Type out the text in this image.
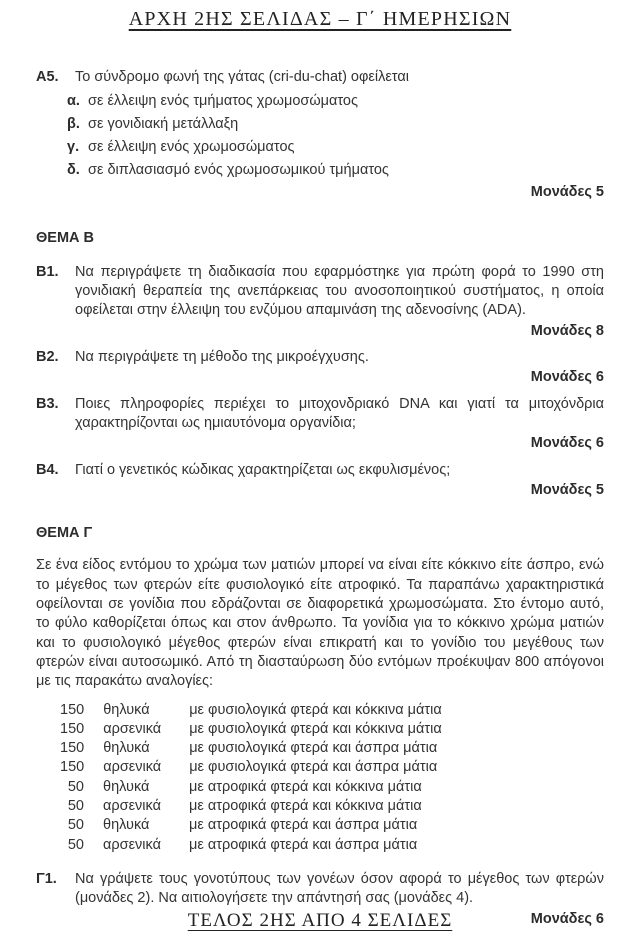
ΑΡΧΗ 2ΗΣ ΣΕΛΙΔΑΣ – Γ΄ ΗΜΕΡΗΣΙΩΝ
Α5.	Το σύνδρομο φωνή της γάτας (cri-du-chat) οφείλεται
α. σε έλλειψη ενός τμήματος χρωμοσώματος
β. σε γονιδιακή μετάλλαξη
γ. σε έλλειψη ενός χρωμοσώματος
δ. σε διπλασιασμό ενός χρωμοσωμικού τμήματος
Μονάδες 5
ΘΕΜΑ Β
Β1.	Να περιγράψετε τη διαδικασία που εφαρμόστηκε για πρώτη φορά το 1990 στη γονιδιακή θεραπεία της ανεπάρκειας του ανοσοποιητικού συστήματος, η οποία οφείλεται στην έλλειψη του ενζύμου απαμινάση της αδενοσίνης (ADA).
Μονάδες 8
Β2.	Να περιγράψετε τη μέθοδο της μικροέγχυσης.
Μονάδες 6
Β3.	Ποιες πληροφορίες περιέχει το μιτοχονδριακό DNA και γιατί τα μιτοχόνδρια χαρακτηρίζονται ως ημιαυτόνομα οργανίδια;
Μονάδες 6
Β4.	Γιατί ο γενετικός κώδικας χαρακτηρίζεται ως εκφυλισμένος;
Μονάδες 5
ΘΕΜΑ Γ

Σε ένα είδος εντόμου το χρώμα των ματιών μπορεί να είναι είτε κόκκινο είτε άσπρο, ενώ το μέγεθος των φτερών είτε φυσιολογικό είτε ατροφικό. Τα παραπάνω χαρακτηριστικά οφείλονται σε γονίδια που εδράζονται σε διαφορετικά χρωμοσώματα. Στο έντομο αυτό, το φύλο καθορίζεται όπως και στον άνθρωπο. Τα γονίδια για το κόκκινο χρώμα ματιών και το φυσιολογικό μέγεθος φτερών είναι επικρατή και το γονίδιο του μεγέθους των φτερών είναι αυτοσωμικό. Από τη διασταύρωση δύο εντόμων προέκυψαν 800 απόγονοι με τις παρακάτω αναλογίες:

150 θηλυκά	με φυσιολογικά φτερά και κόκκινα μάτια
150 αρσενικά	με φυσιολογικά φτερά και κόκκινα μάτια
150 θηλυκά	με φυσιολογικά φτερά και άσπρα μάτια
150 αρσενικά	με φυσιολογικά φτερά και άσπρα μάτια
50 θηλυκά	με ατροφικά φτερά και κόκκινα μάτια
50 αρσενικά	με ατροφικά φτερά και κόκκινα μάτια
50 θηλυκά	με ατροφικά φτερά και άσπρα μάτια
50 αρσενικά	με ατροφικά φτερά και άσπρα μάτια
Γ1.	Να γράψετε τους γονοτύπους των γονέων όσον αφορά το μέγεθος των φτερών (μονάδες 2). Να αιτιολογήσετε την απάντησή σας (μονάδες 4).
Μονάδες 6
ΤΕΛΟΣ 2ΗΣ ΑΠΟ 4 ΣΕΛΙΔΕΣ
